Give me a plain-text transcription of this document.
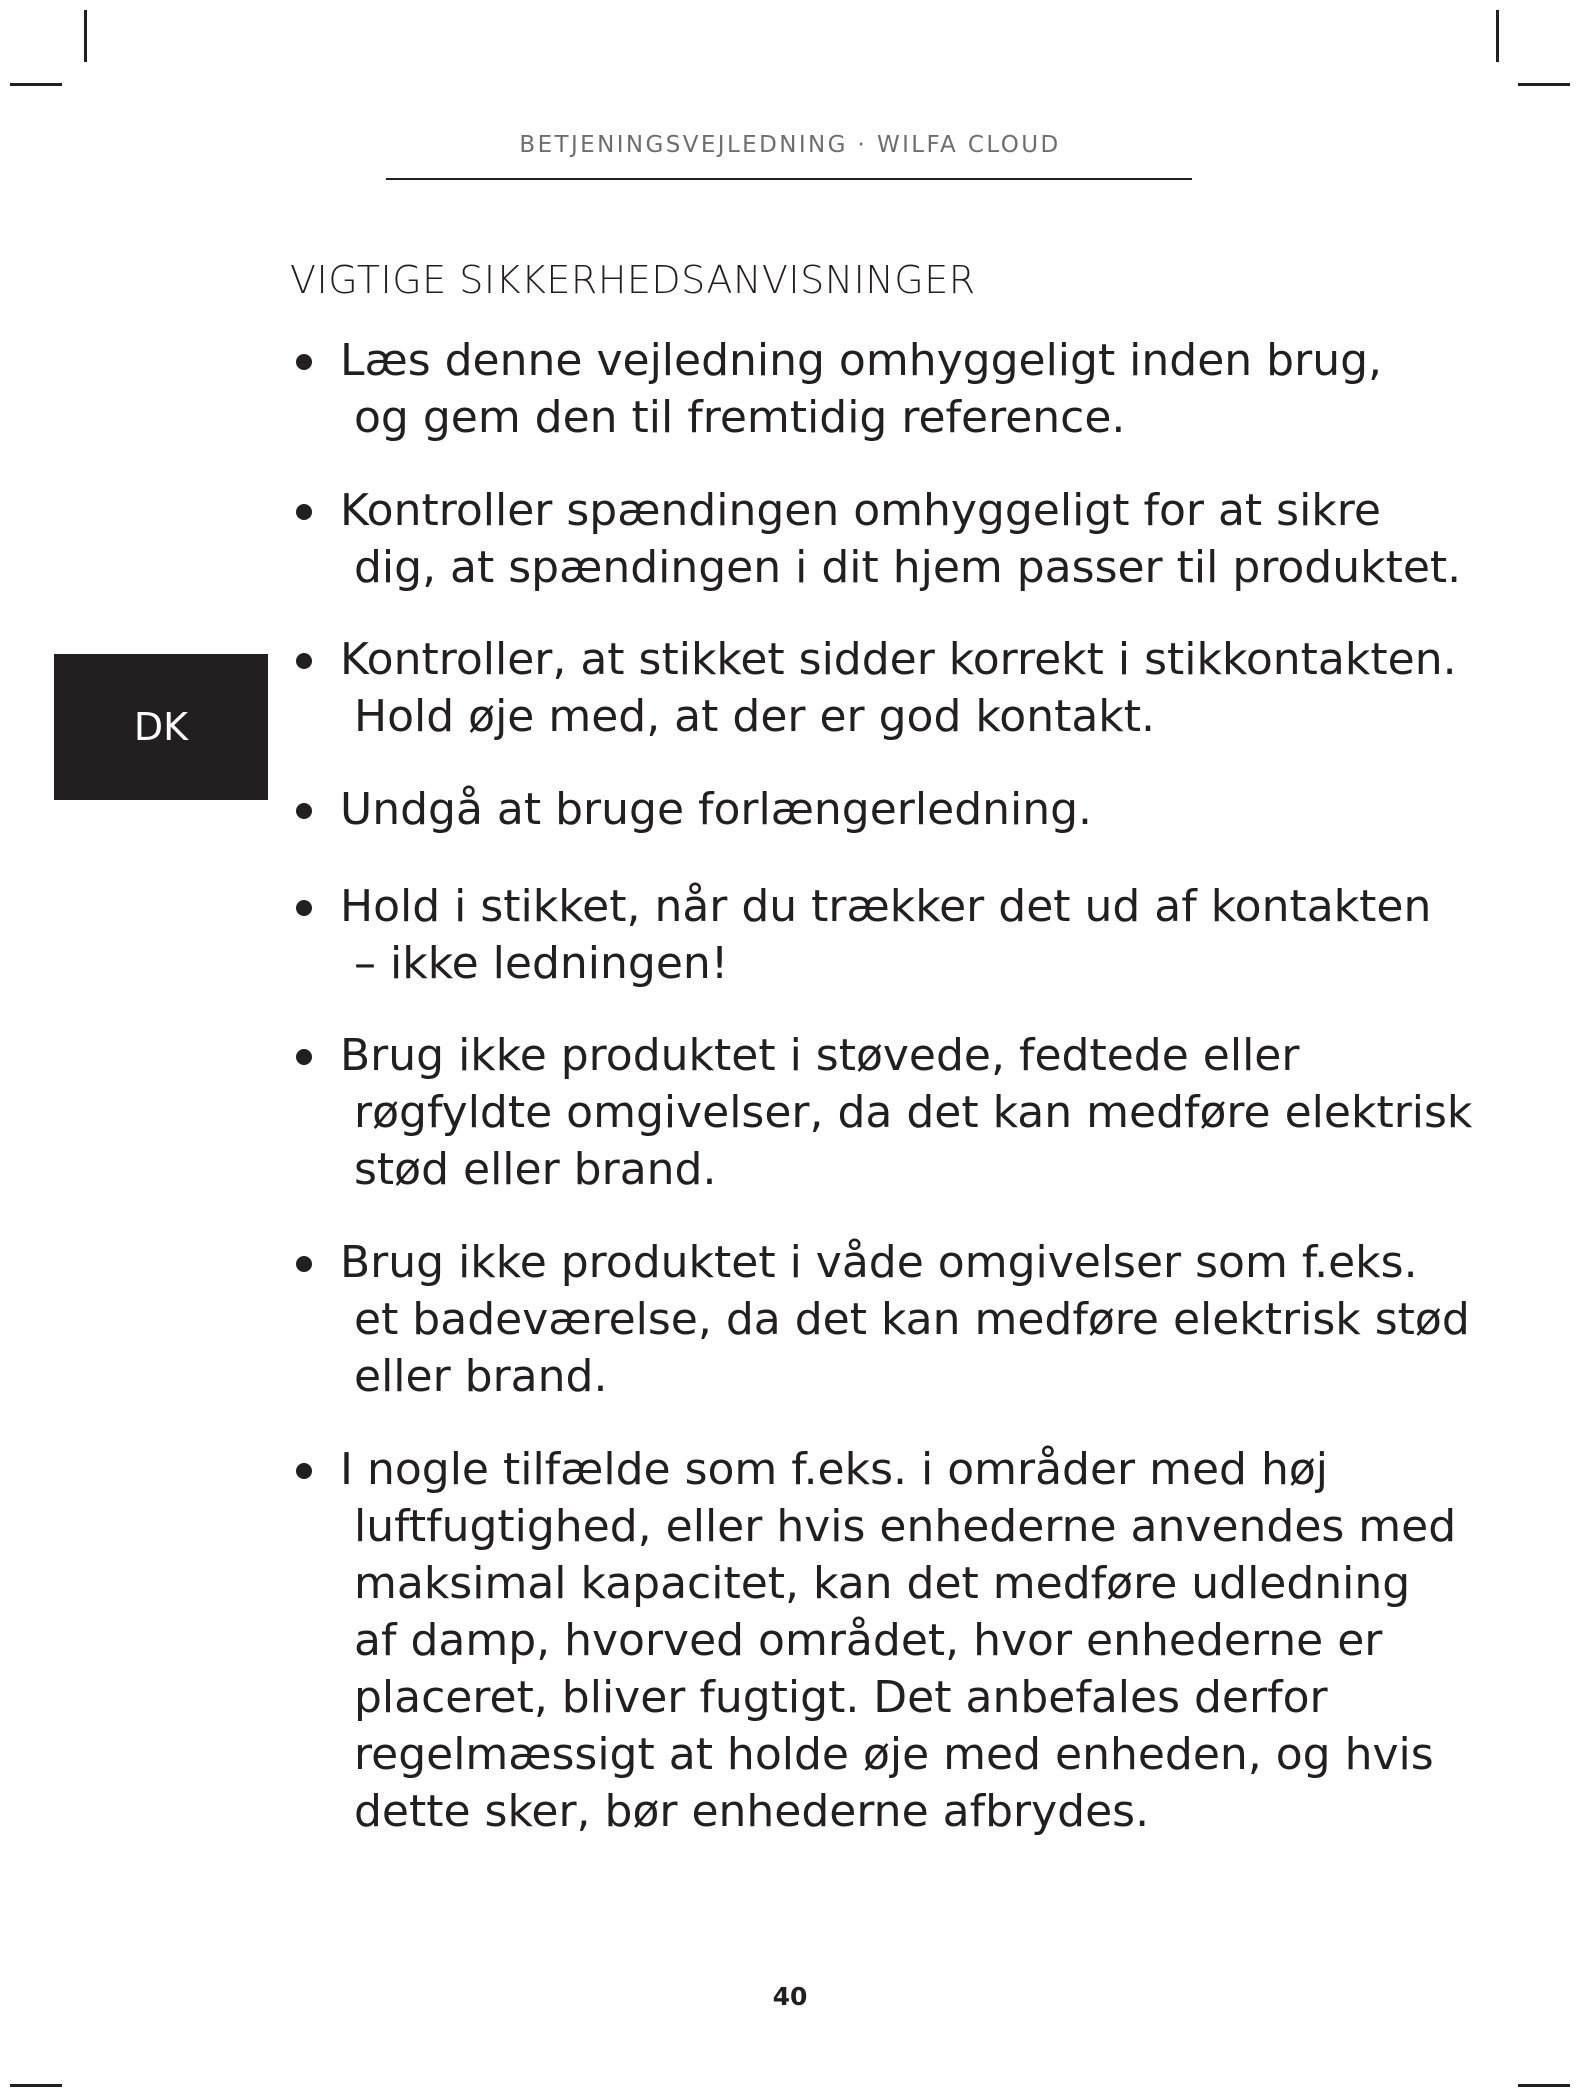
BETJENINGSVEJLEDNING · WILFA CLOUD
VIGTIGE SIKKERHEDSANVISNINGER
DK
Læs denne vejledning omhyggeligt inden brug,
og gem den til fremtidig reference.
Kontroller spændingen omhyggeligt for at sikre
dig, at spændingen i dit hjem passer til produktet.
Kontroller, at stikket sidder korrekt i stikkontakten.
Hold øje med, at der er god kontakt.
Undgå at bruge forlængerledning.
Hold i stikket, når du trækker det ud af kontakten
– ikke ledningen!
Brug ikke produktet i støvede, fedtede eller
røgfyldte omgivelser, da det kan medføre elektrisk
stød eller brand.
Brug ikke produktet i våde omgivelser som f.eks.
et badeværelse, da det kan medføre elektrisk stød
eller brand.
I nogle tilfælde som f.eks. i områder med høj
luftfugtighed, eller hvis enhederne anvendes med
maksimal kapacitet, kan det medføre udledning
af damp, hvorved området, hvor enhederne er
placeret, bliver fugtigt. Det anbefales derfor
regelmæssigt at holde øje med enheden, og hvis
dette sker, bør enhederne afbrydes.
40
